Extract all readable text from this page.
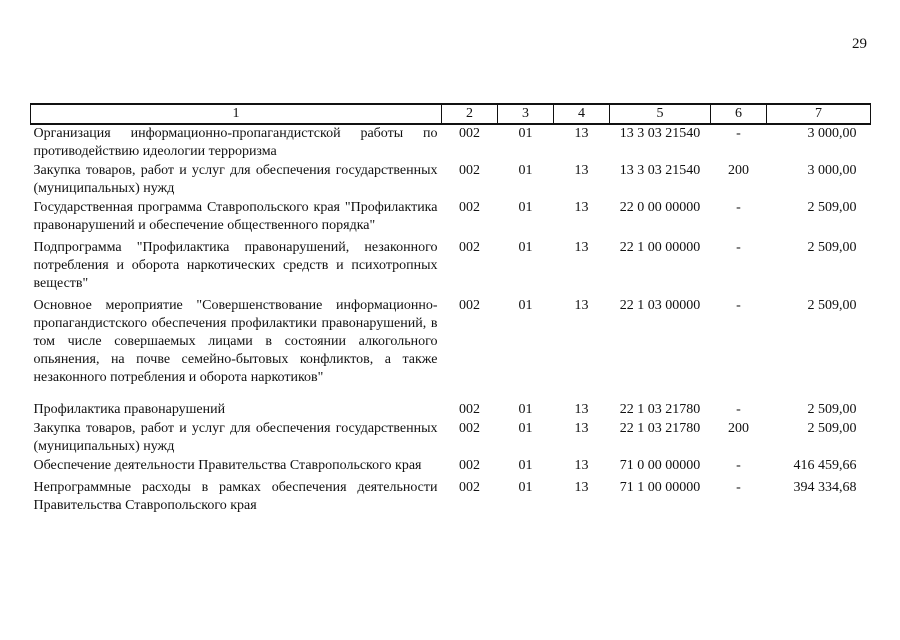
29
1	2	3	4	5	6	7
Организация информационно-пропагандистской работы по противодействию идеологии терроризма	002	01	13	13 3 03 21540	-	3 000,00
Закупка товаров, работ и услуг для обеспечения государственных (муниципальных) нужд	002	01	13	13 3 03 21540	200	3 000,00
Государственная программа Ставропольского края "Профилактика правонарушений и обеспечение общественного порядка"	002	01	13	22 0 00 00000	-	2 509,00
Подпрограмма "Профилактика правонарушений, незаконного потребления и оборота наркотических средств и психотропных веществ"	002	01	13	22 1 00 00000	-	2 509,00
Основное мероприятие "Совершенствование информационно-пропагандистского обеспечения профилактики правонарушений, в том числе совершаемых лицами в состоянии алкогольного опьянения, на почве семейно-бытовых конфликтов, а также незаконного потребления и оборота наркотиков"	002	01	13	22 1 03 00000	-	2 509,00
Профилактика правонарушений	002	01	13	22 1 03 21780	-	2 509,00
Закупка товаров, работ и услуг для обеспечения государственных (муниципальных) нужд	002	01	13	22 1 03 21780	200	2 509,00
Обеспечение деятельности Правительства Ставропольского края	002	01	13	71 0 00 00000	-	416 459,66
Непрограммные расходы в рамках обеспечения деятельности Правительства Ставропольского края	002	01	13	71 1 00 00000	-	394 334,68
